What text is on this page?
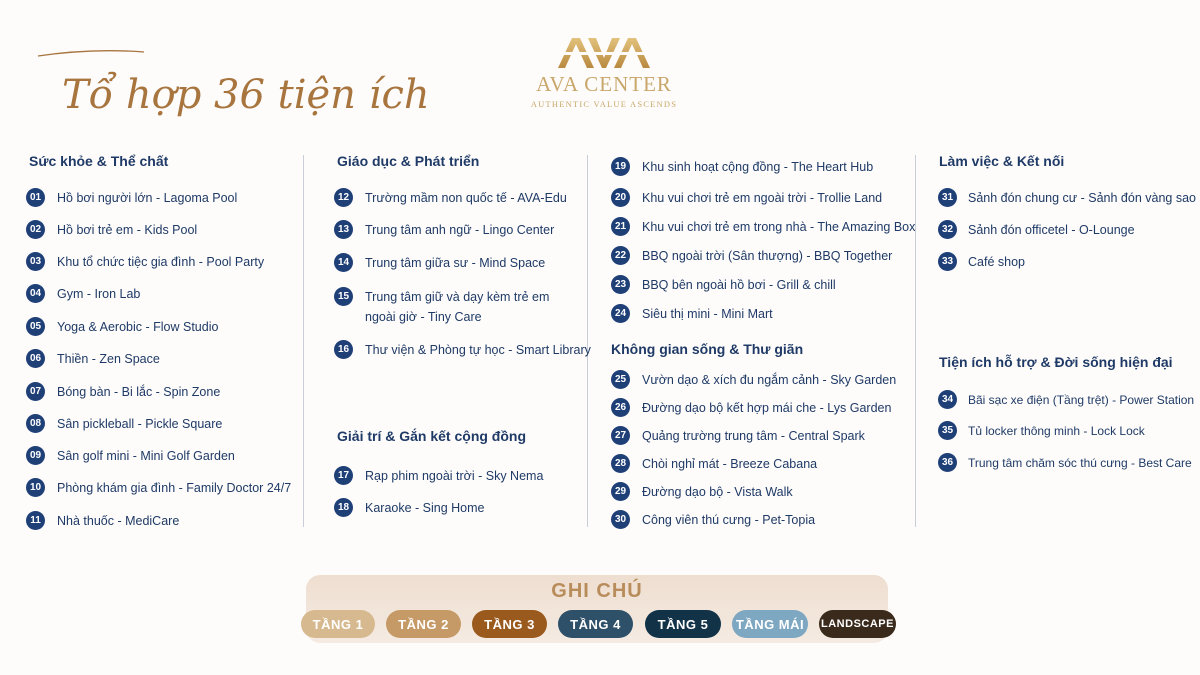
Tổ hợp 36 tiện ích	AVA CENTER
AUTHENTIC VALUE ASCENDS
Sức khỏe & Thể chất
01	Hồ bơi người lớn - Lagoma Pool
02	Hồ bơi trẻ em - Kids Pool
03	Khu tổ chức tiệc gia đình - Pool Party
04	Gym - Iron Lab
05	Yoga & Aerobic - Flow Studio
06	Thiền - Zen Space
07	Bóng bàn - Bi lắc - Spin Zone
08	Sân pickleball - Pickle Square
09	Sân golf mini - Mini Golf Garden
10	Phòng khám gia đình - Family Doctor 24/7
11	Nhà thuốc - MediCare
Giáo dục & Phát triển
12	Trường mầm non quốc tế - AVA-Edu
13	Trung tâm anh ngữ - Lingo Center
14	Trung tâm giữa sư - Mind Space
15	Trung tâm giữ và dạy kèm trẻ em ngoài giờ - Tiny Care
16	Thư viện & Phòng tự học - Smart Library
Giải trí & Gắn kết cộng đồng
17	Rạp phim ngoài trời - Sky Nema
18	Karaoke - Sing Home
19	Khu sinh hoạt cộng đồng - The Heart Hub
20	Khu vui chơi trẻ em ngoài trời - Trollie Land
21	Khu vui chơi trẻ em trong nhà - The Amazing Box
22	BBQ ngoài trời (Sân thượng) - BBQ Together
23	BBQ bên ngoài hồ bơi - Grill & chill
24	Siêu thị mini - Mini Mart
Không gian sống & Thư giãn
25	Vườn dạo & xích đu ngắm cảnh - Sky Garden
26	Đường dạo bộ kết hợp mái che - Lys Garden
27	Quảng trường trung tâm - Central Spark
28	Chòi nghỉ mát - Breeze Cabana
29	Đường dạo bộ - Vista Walk
30	Công viên thú cưng - Pet-Topia
Làm việc & Kết nối
31	Sảnh đón chung cư - Sảnh đón vàng sao
32	Sảnh đón officetel - O-Lounge
33	Café shop
Tiện ích hỗ trợ & Đời sống hiện đại
34	Bãi sạc xe điện (Tầng trệt) - Power Station
35	Tủ locker thông minh - Lock Lock
36	Trung tâm chăm sóc thú cưng - Best Care
GHI CHÚ
TẦNG 1	TẦNG 2	TẦNG 3	TẦNG 4	TẦNG 5 TẦNG MÁI LANDSCAPE
